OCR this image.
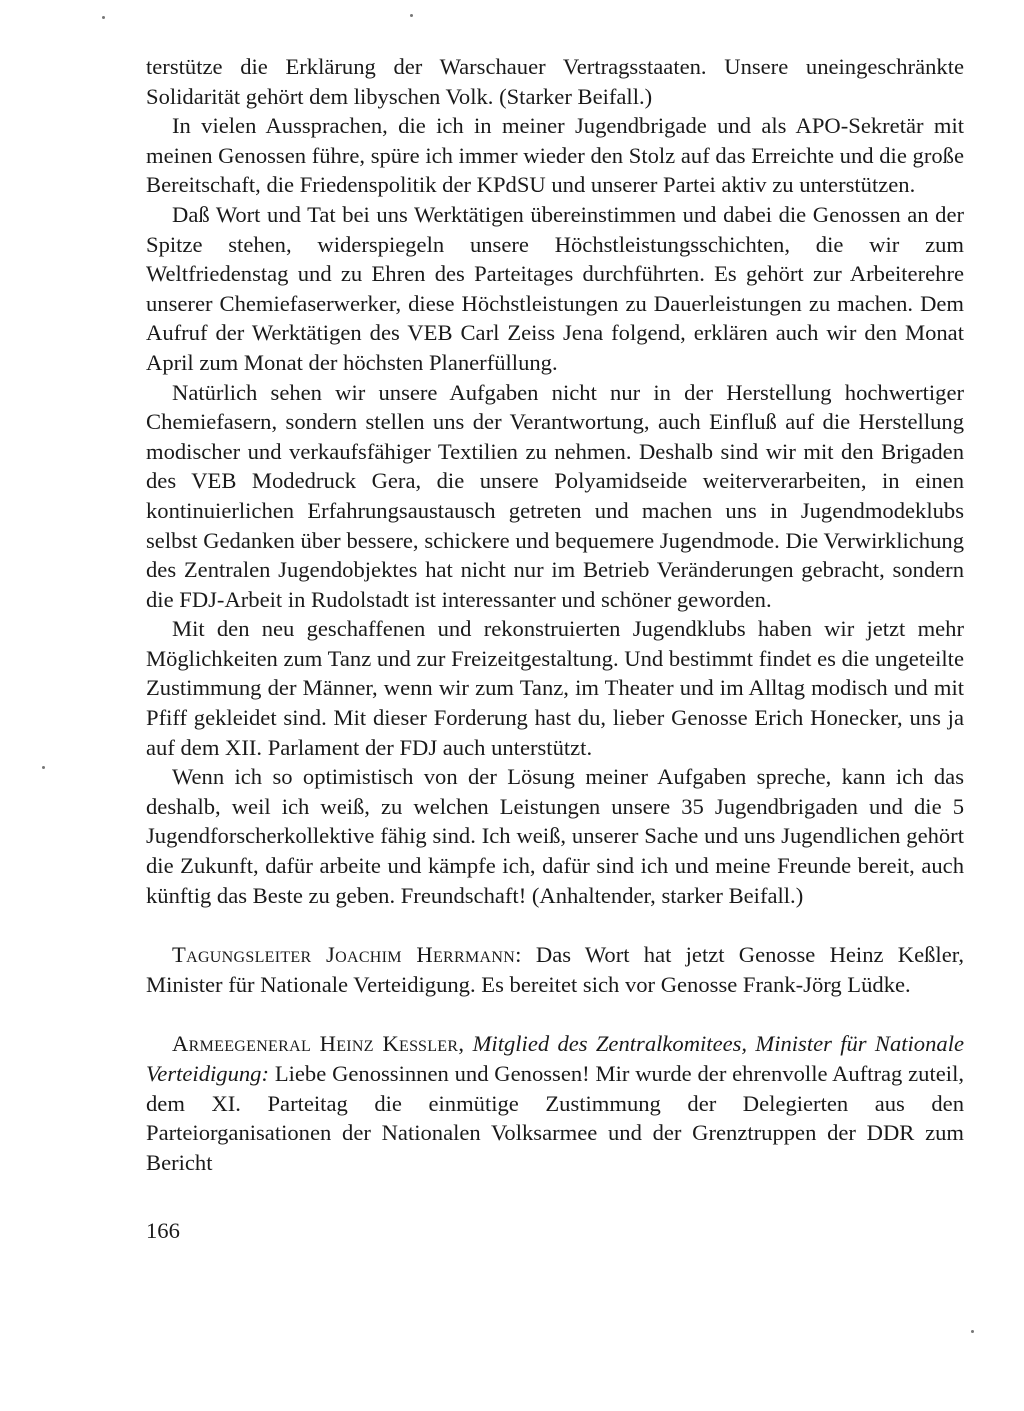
terstütze die Erklärung der Warschauer Vertragsstaaten. Unsere uneingeschränkte Solidarität gehört dem libyschen Volk. (Starker Beifall.)

In vielen Aussprachen, die ich in meiner Jugendbrigade und als APO-Sekretär mit meinen Genossen führe, spüre ich immer wieder den Stolz auf das Erreichte und die große Bereitschaft, die Friedenspolitik der KPdSU und unserer Partei aktiv zu unterstützen.

Daß Wort und Tat bei uns Werktätigen übereinstimmen und dabei die Genossen an der Spitze stehen, widerspiegeln unsere Höchstleistungsschichten, die wir zum Weltfriedenstag und zu Ehren des Parteitages durchführten. Es gehört zur Arbeiterehre unserer Chemiefaserwerker, diese Höchstleistungen zu Dauerleistungen zu machen. Dem Aufruf der Werktätigen des VEB Carl Zeiss Jena folgend, erklären auch wir den Monat April zum Monat der höchsten Planerfüllung.

Natürlich sehen wir unsere Aufgaben nicht nur in der Herstellung hochwertiger Chemiefasern, sondern stellen uns der Verantwortung, auch Einfluß auf die Herstellung modischer und verkaufsfähiger Textilien zu nehmen. Deshalb sind wir mit den Brigaden des VEB Modedruck Gera, die unsere Polyamidseide weiterverarbeiten, in einen kontinuierlichen Erfahrungsaustausch getreten und machen uns in Jugendmodeklubs selbst Gedanken über bessere, schickere und bequemere Jugendmode. Die Verwirklichung des Zentralen Jugendobjektes hat nicht nur im Betrieb Veränderungen gebracht, sondern die FDJ-Arbeit in Rudolstadt ist interessanter und schöner geworden.

Mit den neu geschaffenen und rekonstruierten Jugendklubs haben wir jetzt mehr Möglichkeiten zum Tanz und zur Freizeitgestaltung. Und bestimmt findet es die ungeteilte Zustimmung der Männer, wenn wir zum Tanz, im Theater und im Alltag modisch und mit Pfiff gekleidet sind. Mit dieser Forderung hast du, lieber Genosse Erich Honecker, uns ja auf dem XII. Parlament der FDJ auch unterstützt.

Wenn ich so optimistisch von der Lösung meiner Aufgaben spreche, kann ich das deshalb, weil ich weiß, zu welchen Leistungen unsere 35 Jugendbrigaden und die 5 Jugendforscherkollektive fähig sind. Ich weiß, unserer Sache und uns Jugendlichen gehört die Zukunft, dafür arbeite und kämpfe ich, dafür sind ich und meine Freunde bereit, auch künftig das Beste zu geben. Freundschaft! (Anhaltender, starker Beifall.)

Tagungsleiter Joachim Herrmann: Das Wort hat jetzt Genosse Heinz Keßler, Minister für Nationale Verteidigung. Es bereitet sich vor Genosse Frank-Jörg Lüdke.

Armeegeneral Heinz Keßler, Mitglied des Zentralkomitees, Minister für Nationale Verteidigung: Liebe Genossinnen und Genossen! Mir wurde der ehrenvolle Auftrag zuteil, dem XI. Parteitag die einmütige Zustimmung der Delegierten aus den Parteiorganisationen der Nationalen Volksarmee und der Grenztruppen der DDR zum Bericht

166
